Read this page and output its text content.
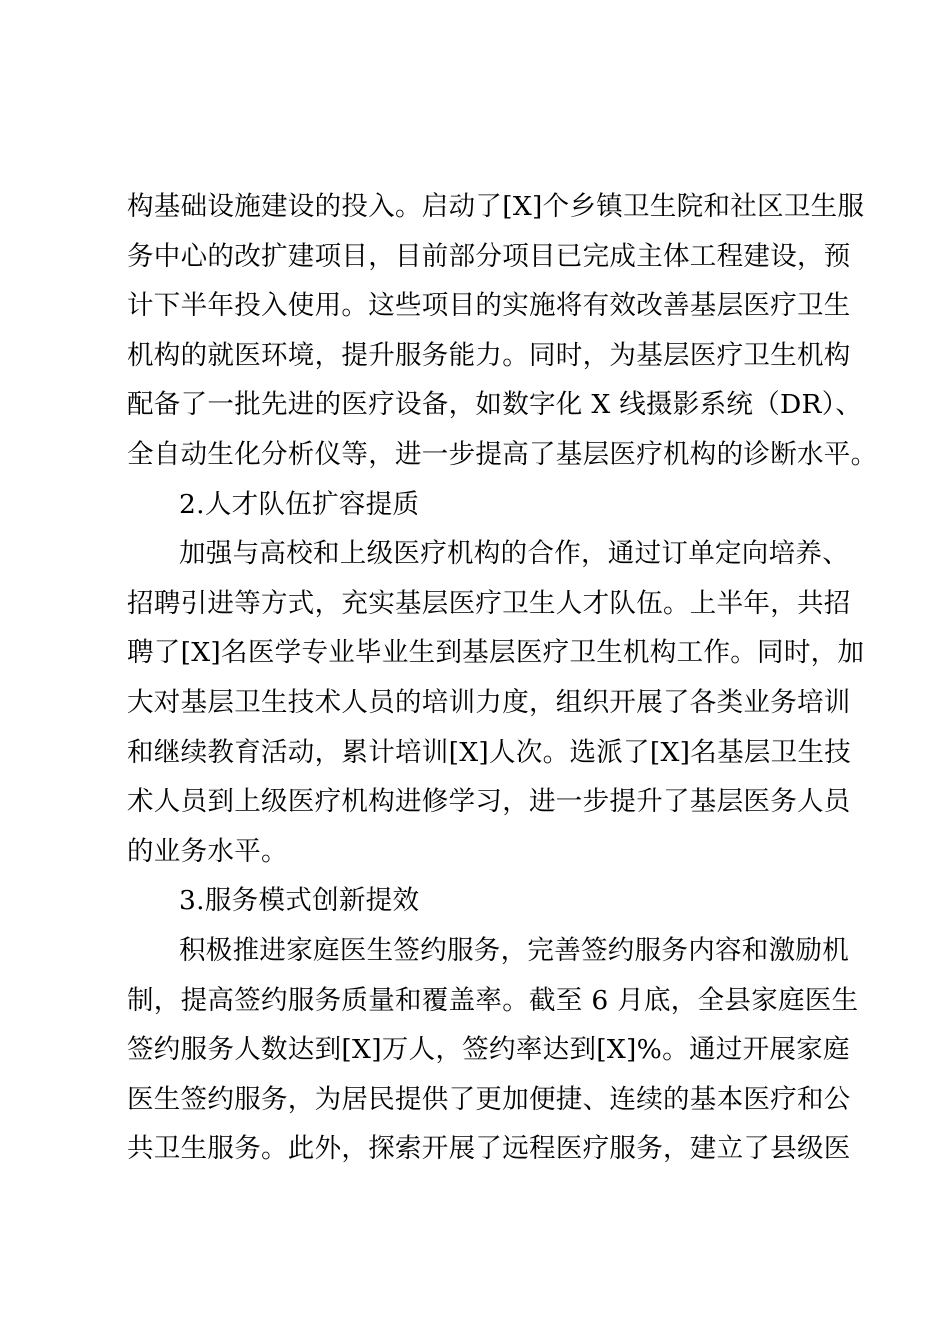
构基础设施建设的投入。启动了[X]个乡镇卫生院和社区卫生服
务中心的改扩建项目，目前部分项目已完成主体工程建设，预
计下半年投入使用。这些项目的实施将有效改善基层医疗卫生
机构的就医环境，提升服务能力。同时，为基层医疗卫生机构
配备了一批先进的医疗设备，如数字化 X 线摄影系统（DR）、
全自动生化分析仪等，进一步提高了基层医疗机构的诊断水平。
2.人才队伍扩容提质
加强与高校和上级医疗机构的合作，通过订单定向培养、
招聘引进等方式，充实基层医疗卫生人才队伍。上半年，共招
聘了[X]名医学专业毕业生到基层医疗卫生机构工作。同时，加
大对基层卫生技术人员的培训力度，组织开展了各类业务培训
和继续教育活动，累计培训[X]人次。选派了[X]名基层卫生技
术人员到上级医疗机构进修学习，进一步提升了基层医务人员
的业务水平。
3.服务模式创新提效
积极推进家庭医生签约服务，完善签约服务内容和激励机
制，提高签约服务质量和覆盖率。截至 6 月底，全县家庭医生
签约服务人数达到[X]万人，签约率达到[X]%。通过开展家庭
医生签约服务，为居民提供了更加便捷、连续的基本医疗和公
共卫生服务。此外，探索开展了远程医疗服务，建立了县级医
